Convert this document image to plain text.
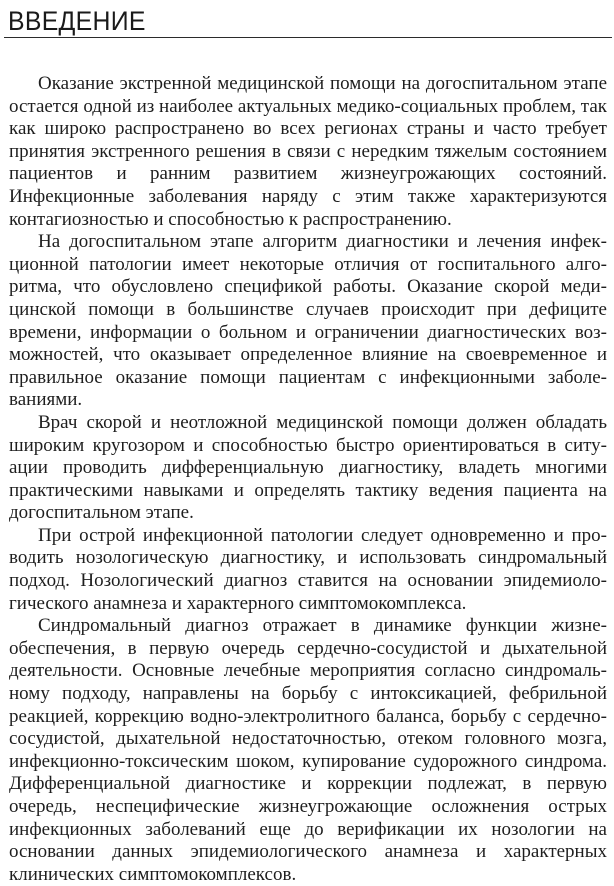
ВВЕДЕНИЕ

Оказание экстренной медицинской помощи на догоспитальном этапе остается одной из наиболее актуальных медико-социальных проблем, так как широко распространено во всех регионах страны и часто требует принятия экстренного решения в связи с нередким тяжелым состоянием пациентов и ранним развитием жизнеугрожающих состояний. Инфекционные заболевания наряду с этим также характеризуются контагиозностью и способностью к распространению.

На догоспитальном этапе алгоритм диагностики и лечения инфекционной патологии имеет некоторые отличия от госпитального алгоритма, что обусловлено спецификой работы. Оказание скорой медицинской помощи в большинстве случаев происходит при дефиците времени, информации о больном и ограничении диагностических возможностей, что оказывает определенное влияние на своевременное и правильное оказание помощи пациентам с инфекционными заболеваниями.

Врач скорой и неотложной медицинской помощи должен обладать широким кругозором и способностью быстро ориентироваться в ситуации проводить дифференциальную диагностику, владеть многими практическими навыками и определять тактику ведения пациента на догоспитальном этапе.

При острой инфекционной патологии следует одновременно и проводить нозологическую диагностику, и использовать синдромальный подход. Нозологический диагноз ставится на основании эпидемиологического анамнеза и характерного симптомокомплекса.

Синдромальный диагноз отражает в динамике функции жизнеобеспечения, в первую очередь сердечно-сосудистой и дыхательной деятельности. Основные лечебные мероприятия согласно синдромальному подходу, направлены на борьбу с интоксикацией, фебрильной реакцией, коррекцию водно-электролитного баланса, борьбу с сердечно-сосудистой, дыхательной недостаточностью, отеком головного мозга, инфекционно-токсическим шоком, купирование судорожного синдрома. Дифференциальной диагностике и коррекции подлежат, в первую очередь, неспецифические жизнеугрожающие осложнения острых инфекционных заболеваний еще до верификации их нозологии на основании данных эпидемиологического анамнеза и характерных клинических симптомокомплексов.
